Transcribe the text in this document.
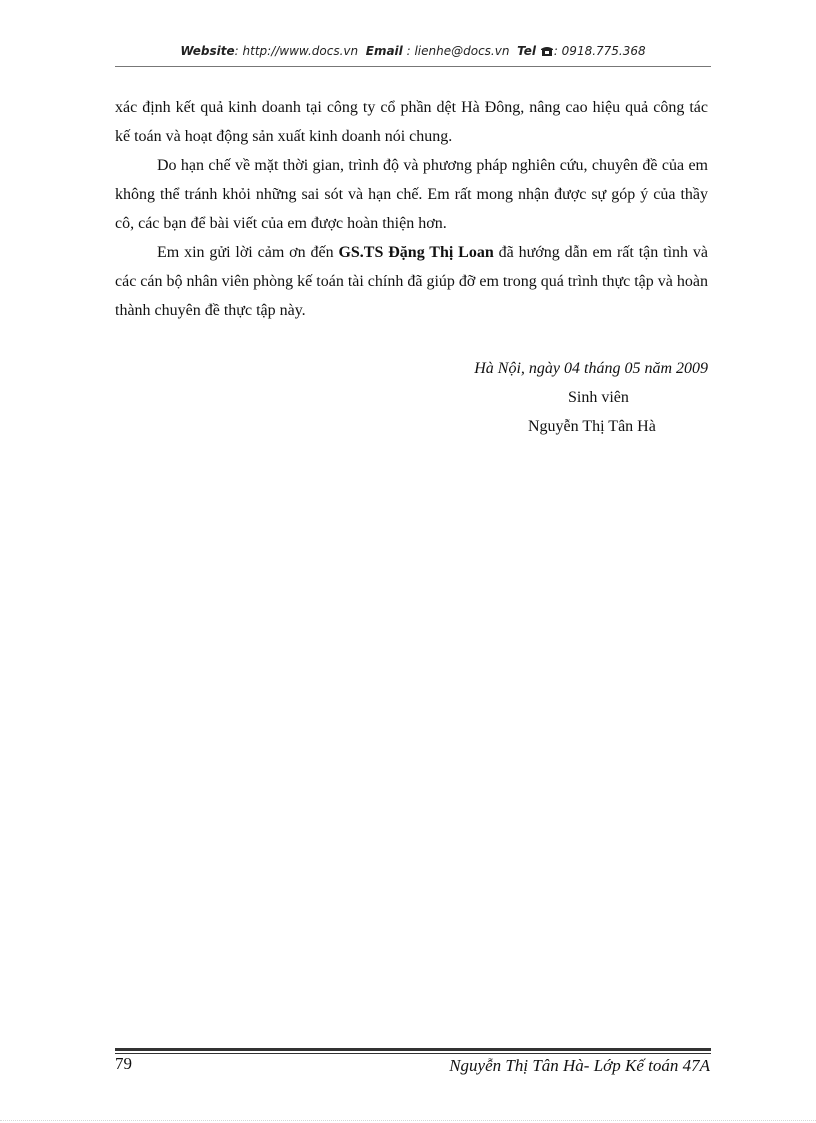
Website: http://www.docs.vn Email : lienhe@docs.vn Tel : 0918.775.368

xác định kết quả kinh doanh tại công ty cổ phần dệt Hà Đông, nâng cao hiệu quả công tác kế toán và hoạt động sản xuất kinh doanh nói chung.

Do hạn chế về mặt thời gian, trình độ và phương pháp nghiên cứu, chuyên đề của em không thể tránh khỏi những sai sót và hạn chế. Em rất mong nhận được sự góp ý của thầy cô, các bạn để bài viết của em được hoàn thiện hơn.

Em xin gửi lời cảm ơn đến GS.TS Đặng Thị Loan đã hướng dẫn em rất tận tình và các cán bộ nhân viên phòng kế toán tài chính đã giúp đỡ em trong quá trình thực tập và hoàn thành chuyên đề thực tập này.

Hà Nội, ngày 04 tháng 05 năm 2009
Sinh viên
Nguyễn Thị Tân Hà
79	Nguyễn Thị Tân Hà- Lớp Kế toán 47A
